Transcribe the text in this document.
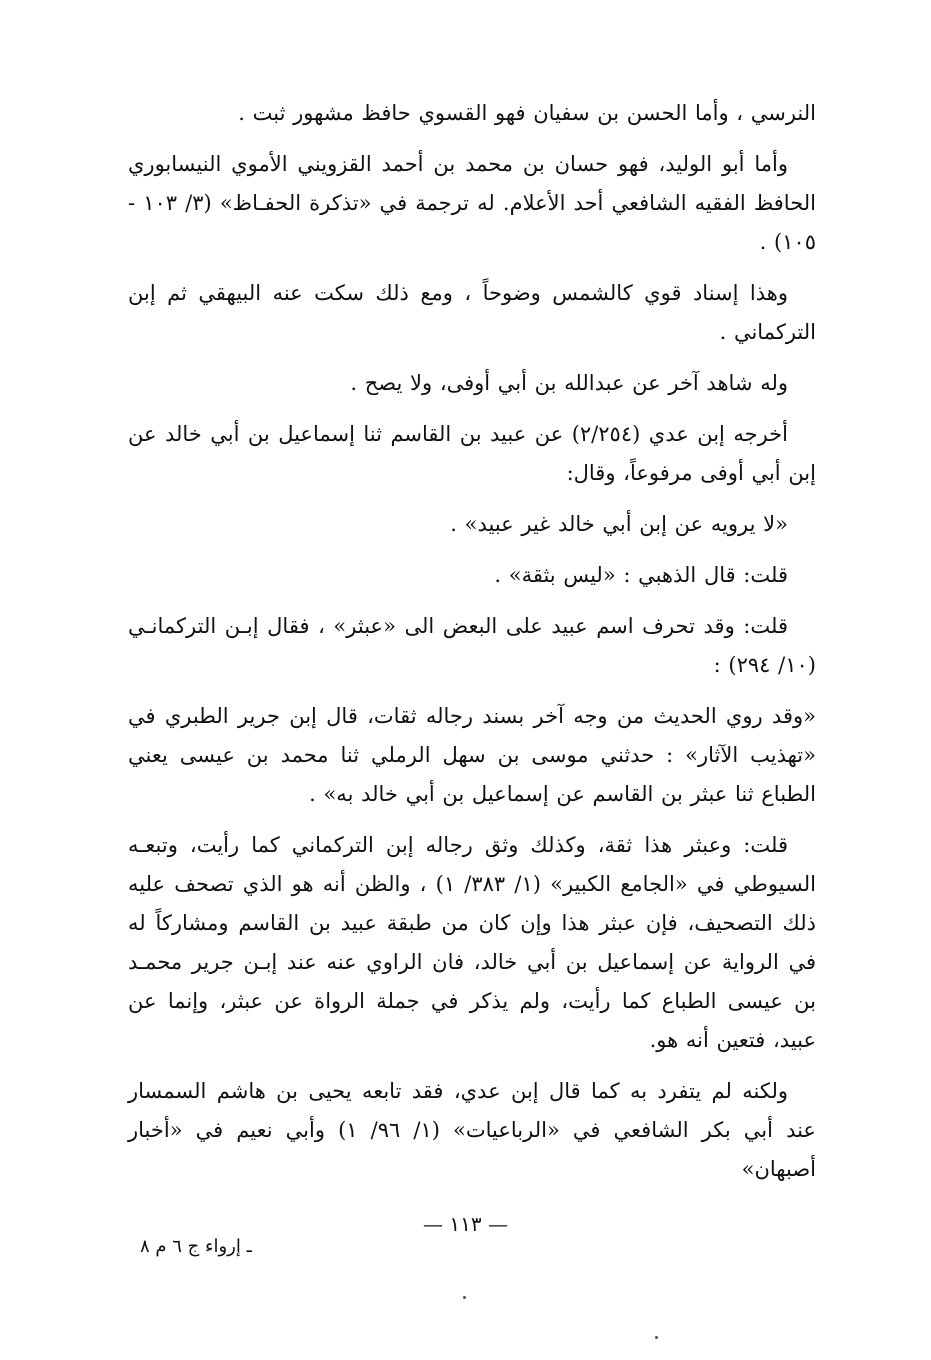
النرسي ، وأما الحسن بن سفيان فهو القسوي حافظ مشهور ثبت .

وأما أبو الوليد، فهو حسان بن محمد بن أحمد القزويني الأموي النيسابوري الحافظ الفقيه الشافعي أحد الأعلام. له ترجمة في «تذكرة الحفـاظ» (٣/ ١٠٣ - ١٠٥) .

وهذا إسناد قوي كالشمس وضوحاً ، ومع ذلك سكت عنه البيهقي ثم إبن التركماني .

وله شاهد آخر عن عبدالله بن أبي أوفى، ولا يصح .

أخرجه إبن عدي (٢/٢٥٤) عن عبيد بن القاسم ثنا إسماعيل بن أبي خالد عن إبن أبي أوفى مرفوعاً، وقال:

«لا يرويه عن إبن أبي خالد غير عبيد» .

قلت: قال الذهبي : «ليس بثقة» .

قلت: وقد تحرف اسم عبيد على البعض الى «عبثر» ، فقال إبـن التركمانـي (١٠/ ٢٩٤) :

«وقد روي الحديث من وجه آخر بسند رجاله ثقات، قال إبن جرير الطبري في «تهذيب الآثار» : حدثني موسى بن سهل الرملي ثنا محمد بن عيسى يعني الطباع ثنا عبثر بن القاسم عن إسماعيل بن أبي خالد به» .

قلت: وعبثر هذا ثقة، وكذلك وثق رجاله إبن التركماني كما رأيت، وتبعـه السيوطي في «الجامع الكبير» (١/ ٣٨٣/ ١) ، والظن أنه هو الذي تصحف عليه ذلك التصحيف، فإن عبثر هذا وإن كان من طبقة عبيد بن القاسم ومشاركاً له في الرواية عن إسماعيل بن أبي خالد، فان الراوي عنه عند إبـن جرير محمـد بن عيسى الطباع كما رأيت، ولم يذكر في جملة الرواة عن عبثر، وإنما عن عبيد، فتعين أنه هو.

ولكنه لم يتفرد به كما قال إبن عدي، فقد تابعه يحيى بن هاشم السمسار عند أبي بكر الشافعي في «الرباعيات» (١/ ٩٦/ ١) وأبي نعيم في «أخبار أصبهان»

— ١١٣ —
ـ إرواء ج ٦ م ٨
